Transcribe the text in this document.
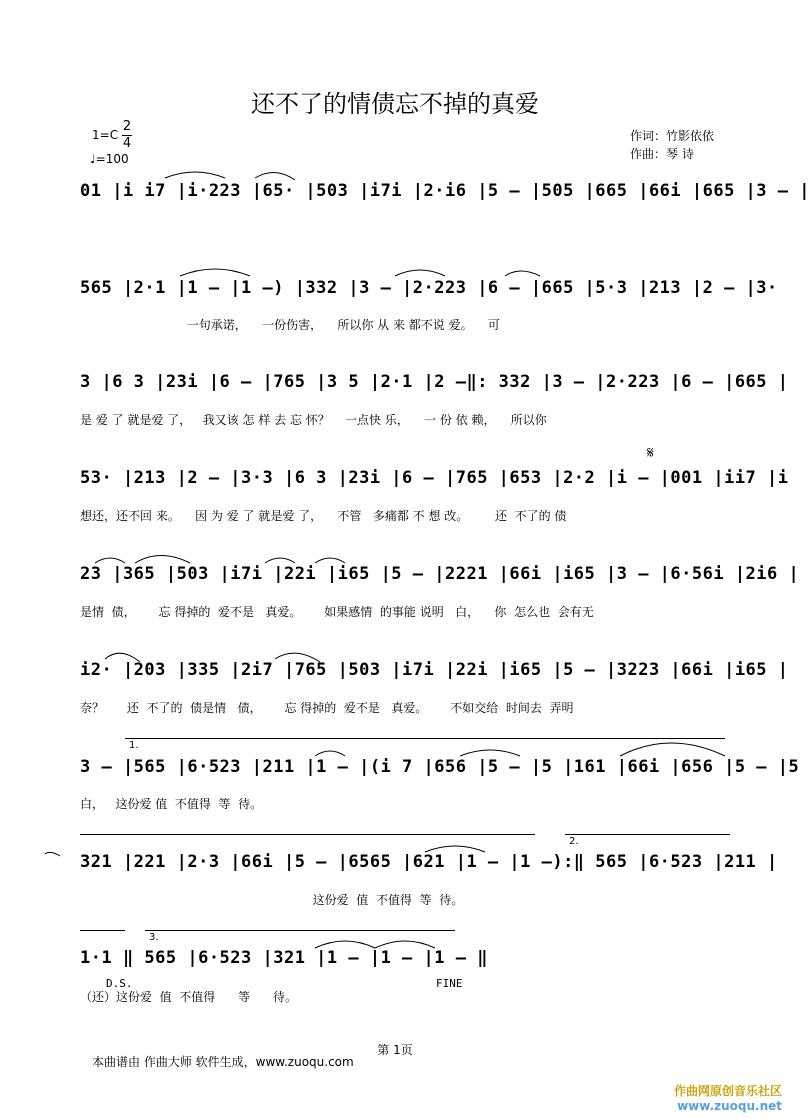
还不了的情债忘不掉的真爱
1=C
2
4
♩=100
作词：竹影依依
作曲：琴 诗
01 |i i7 |i·223 |65· |503 |i7i |2·i6 |5 – |505 |665 |66i |665 |3 – |
565 |2·1 |1 – |1 –) |332 |3 – |2·223 |6 – |665 |5·3 |213 |2 – |3·
一句承诺，    一份伤害，    所以你 从 来 都不说 爱。    可
3 |6 3 |23i |6 – |765 |3 5 |2·1 |2 –‖: 332 |3 – |2·223 |6 – |665 |
是 爱 了 就是爱 了，   我又该 怎 样 去 忘 怀？    一点快 乐，    一 份 依 赖，    所以你
53· |213 |2 – |3·3 |6 3 |23i |6 – |765 |653 |2·2 |i – |001 |ii7 |i
想还，还不回 来。    因 为 爱 了 就是爱 了，    不管   多痛都 不 想 改。       还  不了的 债
23 |365 |503 |i7i |22i |i65 |5 – |2221 |66i |i65 |3 – |6·56i |2i6 |
是情  债，      忘 得掉的  爱不是   真爱。      如果感情  的事能 说明   白，    你  怎么也  会有无
i2· |203 |335 |2i7 |765 |503 |i7i |22i |i65 |5 – |3223 |66i |i65 |
奈？      还  不了的  债是情   债，      忘 得掉的  爱不是   真爱。      不如交给  时间去  弄明
1.
3 – |565 |6·523 |211 |1 – |(i 7 |656 |5 – |5 |161 |66i |656 |5 – |5
白，   这份爱 值  不值得  等  待。
2.
321 |221 |2·3 |66i |5 – |6565 |621 |1 – |1 –):‖ 565 |6·523 |211 |
这份爱  值  不值得  等  待。
3.
1·1 ‖ 565 |6·523 |321 |1 – |1 – |1 – ‖
D.S.	FINE
（还）这份爱  值  不值得      等      待。
𝄋
第 1页
本曲谱由 作曲大师 软件生成，www.zuoqu.com
作曲网原创音乐社区
www.zuoqu.net
